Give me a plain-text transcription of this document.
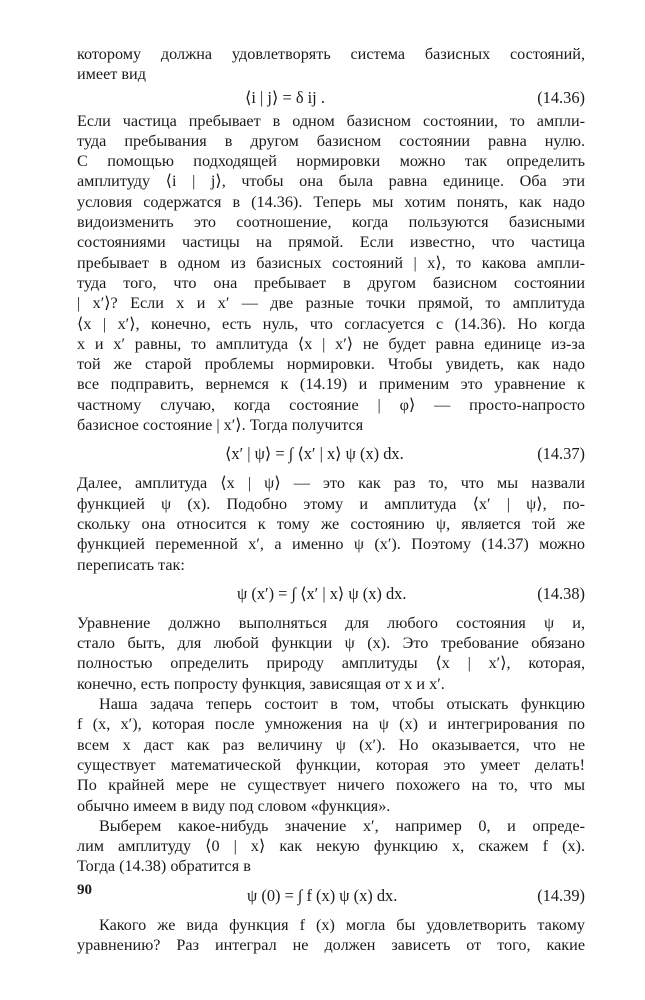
которому должна удовлетворять система базисных состояний,
имеет вид
⟨i | j⟩ = δ ij .	(14.36)
Если частица пребывает в одном базисном состоянии, то ампли-
туда пребывания в другом базисном состоянии равна нулю.
С помощью подходящей нормировки можно так определить
амплитуду ⟨i | j⟩, чтобы она была равна единице. Оба эти
условия содержатся в (14.36). Теперь мы хотим понять, как надо
видоизменить это соотношение, когда пользуются базисными
состояниями частицы на прямой. Если известно, что частица
пребывает в одном из базисных состояний | x⟩, то какова ампли-
туда того, что она пребывает в другом базисном состоянии
| x′⟩? Если x и x′ — две разные точки прямой, то амплитуда
⟨x | x′⟩, конечно, есть нуль, что согласуется с (14.36). Но когда
x и x′ равны, то амплитуда ⟨x | x′⟩ не будет равна единице из-за
той же старой проблемы нормировки. Чтобы увидеть, как надо
все подправить, вернемся к (14.19) и применим это уравнение к
частному случаю, когда состояние | φ⟩ — просто-напросто
базисное состояние | x′⟩. Тогда получится
⟨x′ | ψ⟩ = ∫ ⟨x′ | x⟩ ψ (x) dx.	(14.37)
Далее, амплитуда ⟨x | ψ⟩ — это как раз то, что мы назвали
функцией ψ (x). Подобно этому и амплитуда ⟨x′ | ψ⟩, по-
скольку она относится к тому же состоянию ψ, является той же
функцией переменной x′, а именно ψ (x′). Поэтому (14.37) можно
переписать так:
ψ (x′) = ∫ ⟨x′ | x⟩ ψ (x) dx.	(14.38)
Уравнение должно выполняться для любого состояния ψ и,
стало быть, для любой функции ψ (x). Это требование обязано
полностью определить природу амплитуды ⟨x | x′⟩, которая,
конечно, есть попросту функция, зависящая от x и x′.
Наша задача теперь состоит в том, чтобы отыскать функцию
f (x, x′), которая после умножения на ψ (x) и интегрирования по
всем x даст как раз величину ψ (x′). Но оказывается, что не
существует математической функции, которая это умеет делать!
По крайней мере не существует ничего похожего на то, что мы
обычно имеем в виду под словом «функция».
Выберем какое-нибудь значение x′, например 0, и опреде-
лим амплитуду ⟨0 | x⟩ как некую функцию x, скажем f (x).
Тогда (14.38) обратится в
ψ (0) = ∫ f (x) ψ (x) dx.	(14.39)
Какого же вида функция f (x) могла бы удовлетворить такому
уравнению? Раз интеграл не должен зависеть от того, какие
90
